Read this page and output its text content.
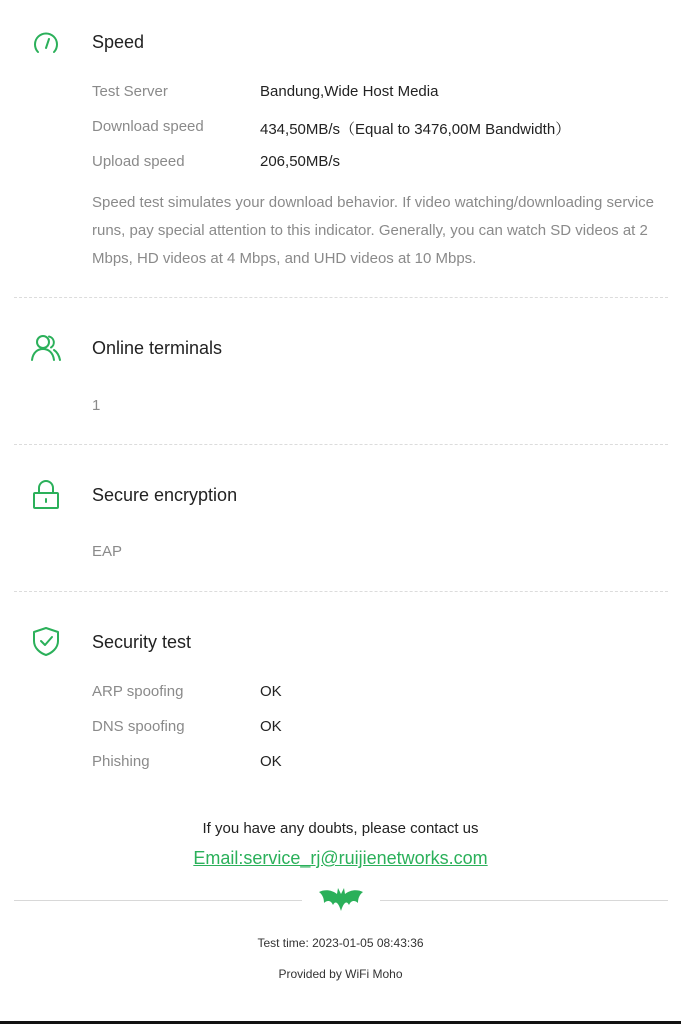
Speed
Test Server	Bandung,Wide Host Media
Download speed	434,50MB/s（Equal to 3476,00M Bandwidth）
Upload speed	206,50MB/s
Speed test simulates your download behavior. If video watching/downloading service runs, pay special attention to this indicator. Generally, you can watch SD videos at 2 Mbps, HD videos at 4 Mbps, and UHD videos at 10 Mbps.
Online terminals
1
Secure encryption
EAP
Security test
ARP spoofing	OK
DNS spoofing	OK
Phishing	OK
If you have any doubts, please contact us
Email:service_rj@ruijienetworks.com
Test time: 2023-01-05 08:43:36
Provided by WiFi Moho
